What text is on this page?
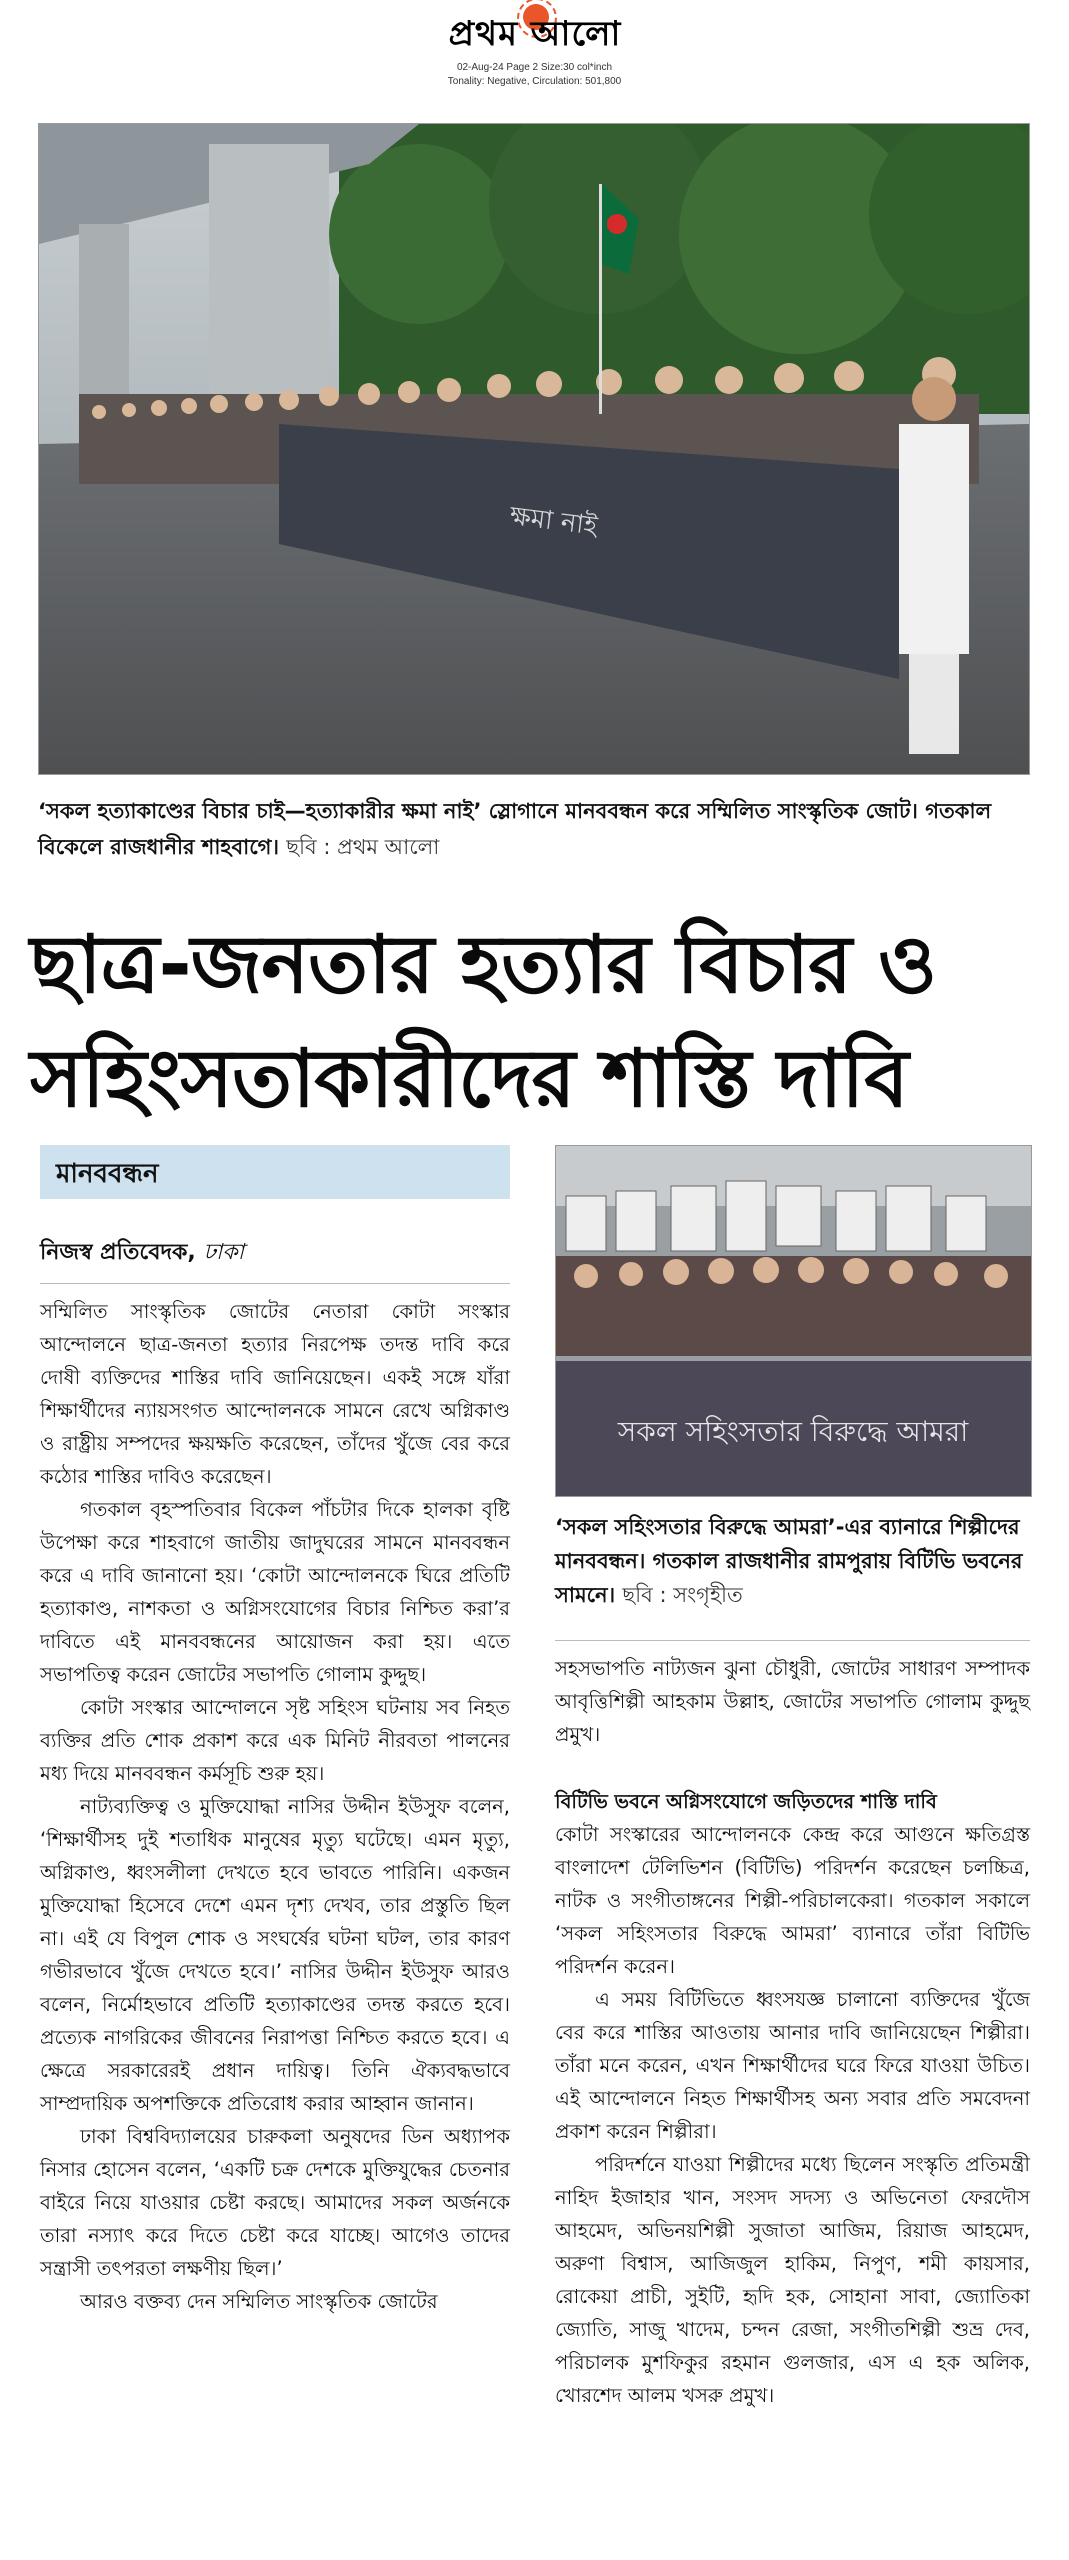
প্রথম আলো
02-Aug-24 Page 2 Size:30 col*inch
Tonality: Negative, Circulation: 501,800
ক্ষমা নাই
‘সকল হত্যাকাণ্ডের বিচার চাই—হত্যাকারীর ক্ষমা নাই’ স্লোগানে মানববন্ধন করে সম্মিলিত সাংস্কৃতিক জোট। গতকাল বিকেলে রাজধানীর শাহবাগে। ছবি : প্রথম আলো
ছাত্র-জনতার হত্যার বিচার ও
সহিংসতাকারীদের শাস্তি দাবি
মানববন্ধন
নিজস্ব প্রতিবেদক, ঢাকা

সম্মিলিত সাংস্কৃতিক জোটের নেতারা কোটা সংস্কার আন্দোলনে ছাত্র-জনতা হত্যার নিরপেক্ষ তদন্ত দাবি করে দোষী ব্যক্তিদের শাস্তির দাবি জানিয়েছেন। একই সঙ্গে যাঁরা শিক্ষার্থীদের ন্যায়সংগত আন্দোলনকে সামনে রেখে অগ্নিকাণ্ড ও রাষ্ট্রীয় সম্পদের ক্ষয়ক্ষতি করেছেন, তাঁদের খুঁজে বের করে কঠোর শাস্তির দাবিও করেছেন।

গতকাল বৃহস্পতিবার বিকেল পাঁচটার দিকে হালকা বৃষ্টি উপেক্ষা করে শাহবাগে জাতীয় জাদুঘরের সামনে মানববন্ধন করে এ দাবি জানানো হয়। ‘কোটা আন্দোলনকে ঘিরে প্রতিটি হত্যাকাণ্ড, নাশকতা ও অগ্নিসংযোগের বিচার নিশ্চিত করা’র দাবিতে এই মানববন্ধনের আয়োজন করা হয়। এতে সভাপতিত্ব করেন জোটের সভাপতি গোলাম কুদ্দুছ।

কোটা সংস্কার আন্দোলনে সৃষ্ট সহিংস ঘটনায় সব নিহত ব্যক্তির প্রতি শোক প্রকাশ করে এক মিনিট নীরবতা পালনের মধ্য দিয়ে মানববন্ধন কর্মসূচি শুরু হয়।

নাট্যব্যক্তিত্ব ও মুক্তিযোদ্ধা নাসির উদ্দীন ইউসুফ বলেন, ‘শিক্ষার্থীসহ দুই শতাধিক মানুষের মৃত্যু ঘটেছে। এমন মৃত্যু, অগ্নিকাণ্ড, ধ্বংসলীলা দেখতে হবে ভাবতে পারিনি। একজন মুক্তিযোদ্ধা হিসেবে দেশে এমন দৃশ্য দেখব, তার প্রস্তুতি ছিল না। এই যে বিপুল শোক ও সংঘর্ষের ঘটনা ঘটল, তার কারণ গভীরভাবে খুঁজে দেখতে হবে।’ নাসির উদ্দীন ইউসুফ আরও বলেন, নির্মোহভাবে প্রতিটি হত্যাকাণ্ডের তদন্ত করতে হবে। প্রত্যেক নাগরিকের জীবনের নিরাপত্তা নিশ্চিত করতে হবে। এ ক্ষেত্রে সরকারেরই প্রধান দায়িত্ব। তিনি ঐক্যবদ্ধভাবে সাম্প্রদায়িক অপশক্তিকে প্রতিরোধ করার আহ্বান জানান।

ঢাকা বিশ্ববিদ্যালয়ের চারুকলা অনুষদের ডিন অধ্যাপক নিসার হোসেন বলেন, ‘একটি চক্র দেশকে মুক্তিযুদ্ধের চেতনার বাইরে নিয়ে যাওয়ার চেষ্টা করছে। আমাদের সকল অর্জনকে তারা নস্যাৎ করে দিতে চেষ্টা করে যাচ্ছে। আগেও তাদের সন্ত্রাসী তৎপরতা লক্ষণীয় ছিল।’

আরও বক্তব্য দেন সম্মিলিত সাংস্কৃতিক জোটের

সকল সহিংসতার বিরুদ্ধে আমরা
‘সকল সহিংসতার বিরুদ্ধে আমরা’-এর ব্যানারে শিল্পীদের মানববন্ধন। গতকাল রাজধানীর রামপুরায় বিটিভি ভবনের সামনে। ছবি : সংগৃহীত

সহসভাপতি নাট্যজন ঝুনা চৌধুরী, জোটের সাধারণ সম্পাদক আবৃত্তিশিল্পী আহকাম উল্লাহ, জোটের সভাপতি গোলাম কুদ্দুছ প্রমুখ।

বিটিভি ভবনে অগ্নিসংযোগে জড়িতদের শাস্তি দাবি

কোটা সংস্কারের আন্দোলনকে কেন্দ্র করে আগুনে ক্ষতিগ্রস্ত বাংলাদেশ টেলিভিশন (বিটিভি) পরিদর্শন করেছেন চলচ্চিত্র, নাটক ও সংগীতাঙ্গনের শিল্পী-পরিচালকেরা। গতকাল সকালে ‘সকল সহিংসতার বিরুদ্ধে আমরা’ ব্যানারে তাঁরা বিটিভি পরিদর্শন করেন।

এ সময় বিটিভিতে ধ্বংসযজ্ঞ চালানো ব্যক্তিদের খুঁজে বের করে শাস্তির আওতায় আনার দাবি জানিয়েছেন শিল্পীরা। তাঁরা মনে করেন, এখন শিক্ষার্থীদের ঘরে ফিরে যাওয়া উচিত। এই আন্দোলনে নিহত শিক্ষার্থীসহ অন্য সবার প্রতি সমবেদনা প্রকাশ করেন শিল্পীরা।

পরিদর্শনে যাওয়া শিল্পীদের মধ্যে ছিলেন সংস্কৃতি প্রতিমন্ত্রী নাহিদ ইজাহার খান, সংসদ সদস্য ও অভিনেতা ফেরদৌস আহমেদ, অভিনয়শিল্পী সুজাতা আজিম, রিয়াজ আহমেদ, অরুণা বিশ্বাস, আজিজুল হাকিম, নিপুণ, শমী কায়সার, রোকেয়া প্রাচী, সুইটি, হৃদি হক, সোহানা সাবা, জ্যোতিকা জ্যোতি, সাজু খাদেম, চন্দন রেজা, সংগীতশিল্পী শুভ্র দেব, পরিচালক মুশফিকুর রহমান গুলজার, এস এ হক অলিক, খোরশেদ আলম খসরু প্রমুখ।
